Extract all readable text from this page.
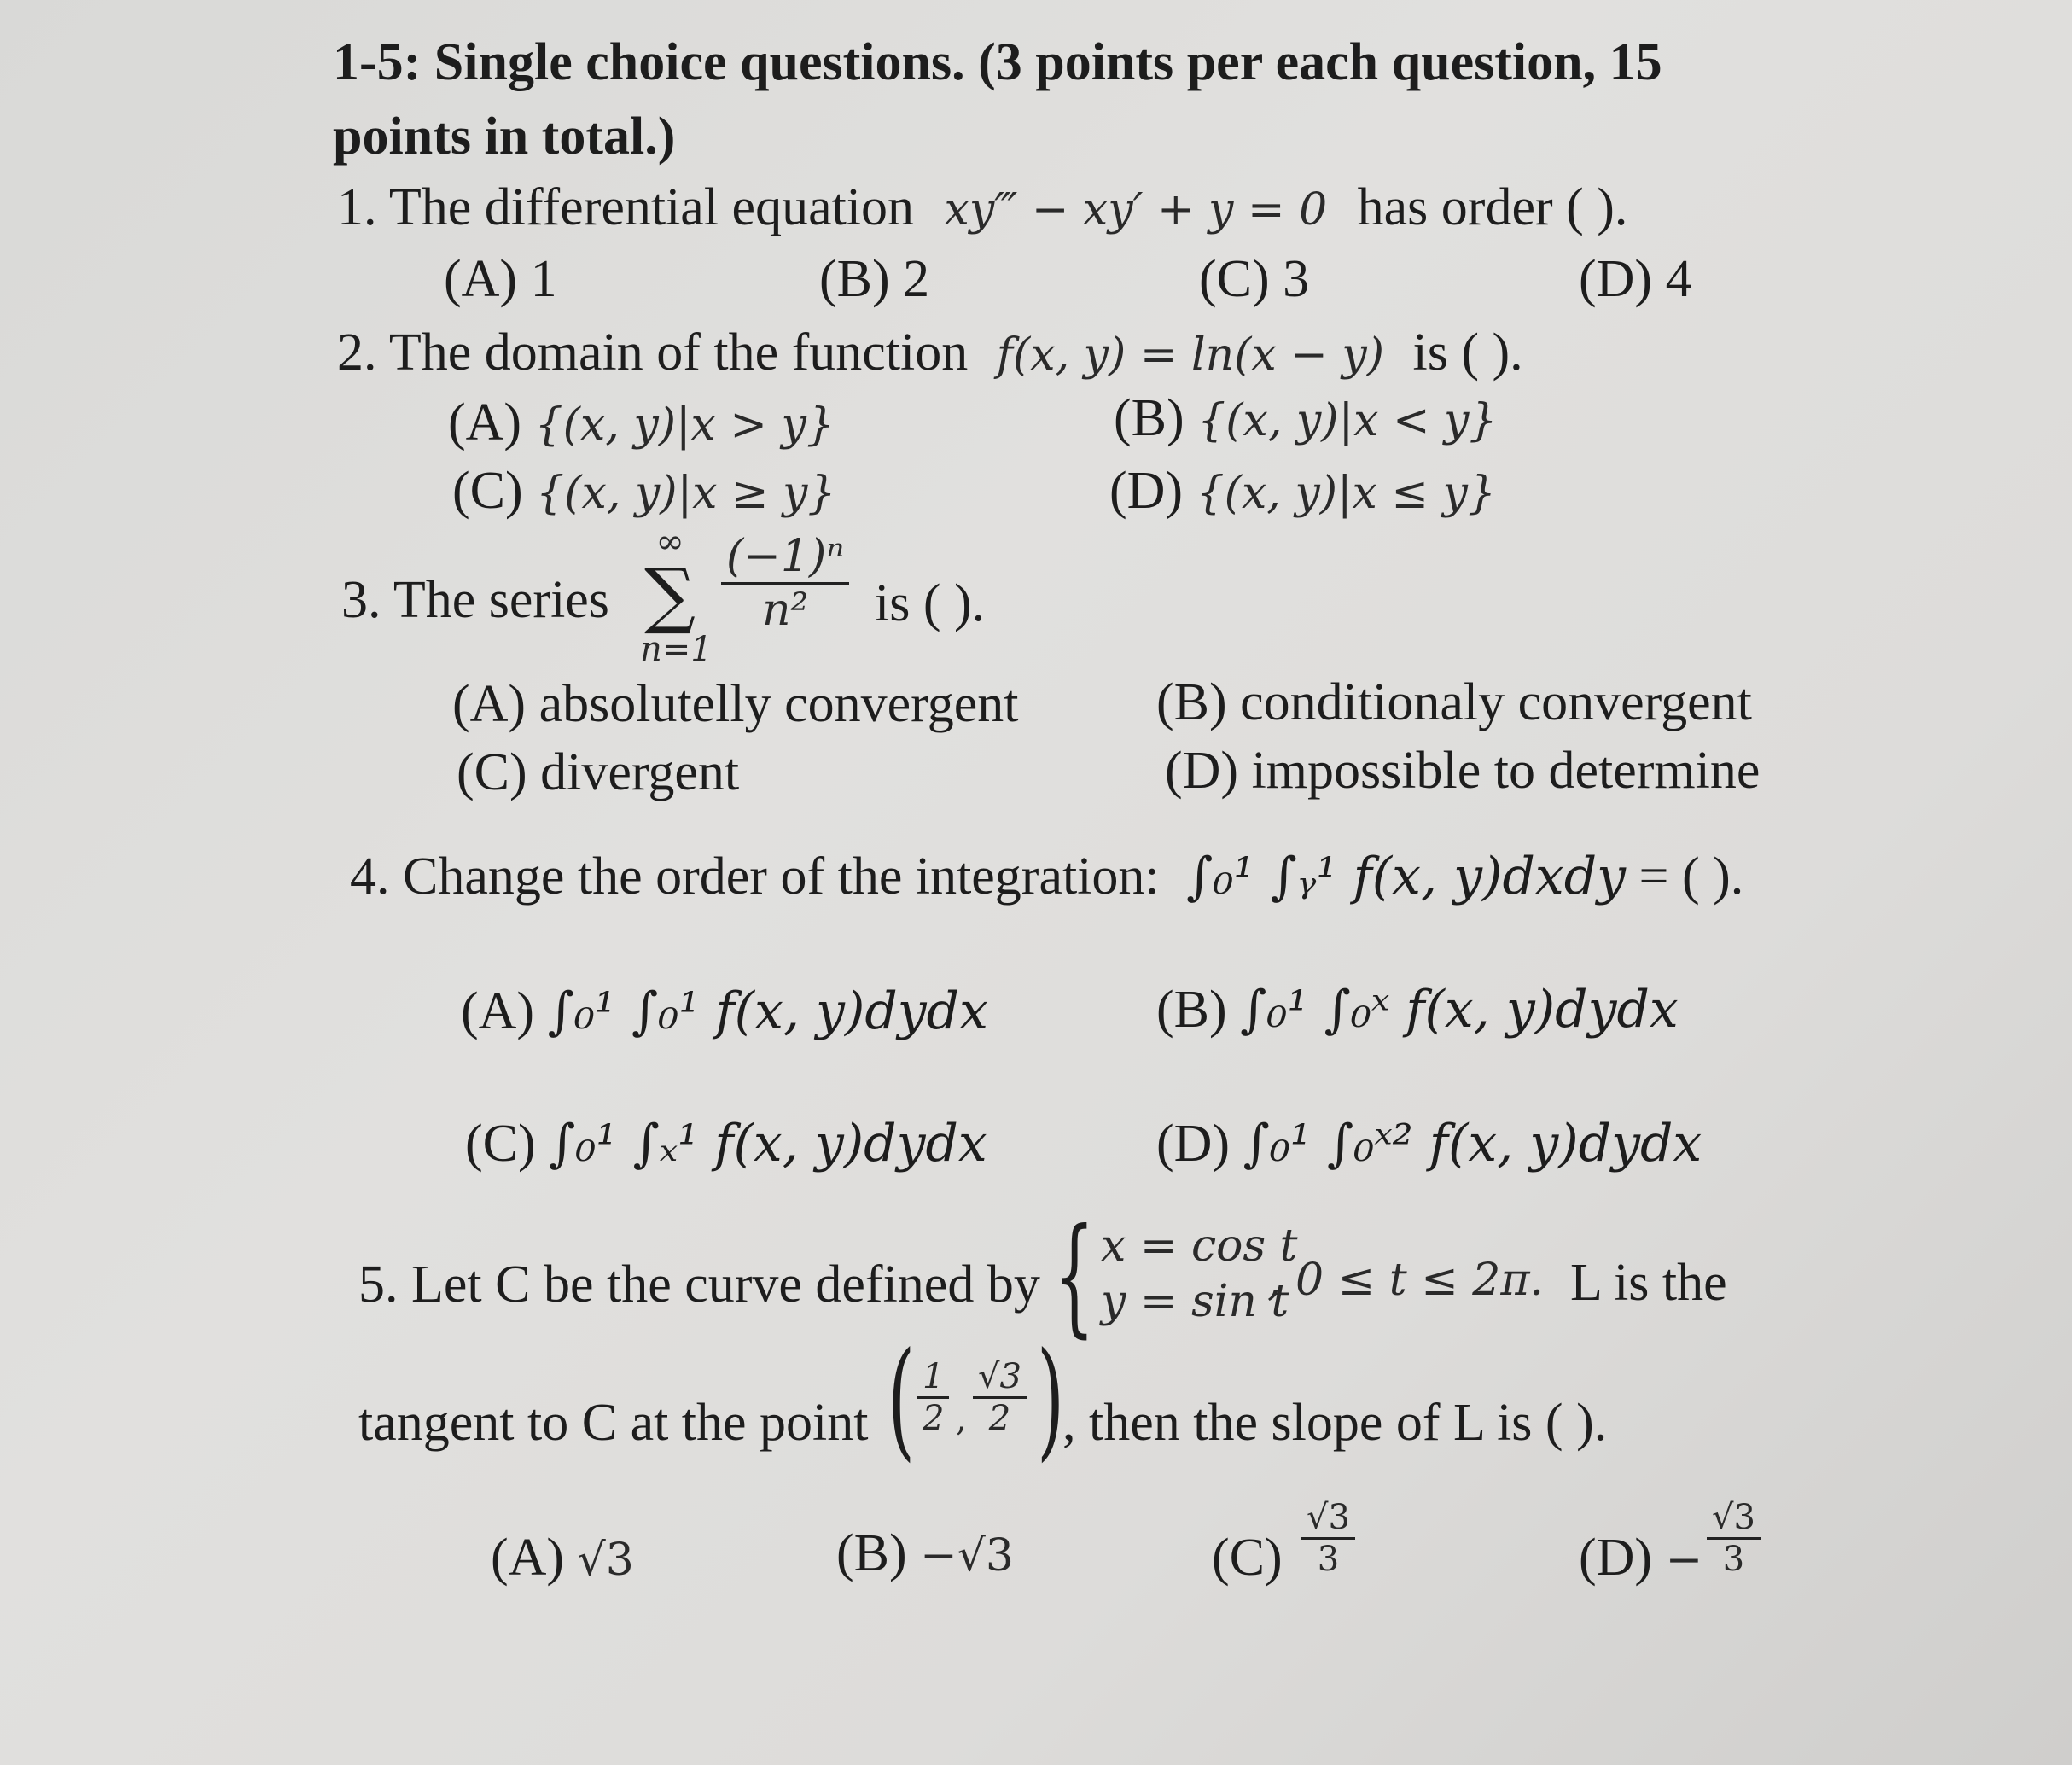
1-5: Single choice questions. (3 points per each question, 15
points in total.)
1. The differential equation xy‴ − xy′ + y = 0 has order ( ).
(A) 1	(B) 2	(C) 3	(D) 4
2. The domain of the function f(x, y) = ln(x − y) is ( ).
(A) {(x, y)|x > y}	(B) {(x, y)|x < y}
(C) {(x, y)|x ≥ y}	(D) {(x, y)|x ≤ y}
3. The series
∞
∑
n=1
$\frac{\text{(−1)ⁿ}}{\text{n²}}$ is ( ).
(A) absolutelly convergent	(B) conditionaly convergent
(C) divergent	(D) impossible to determine
4. Change the order of the integration: ∫₀¹ ∫ᵧ¹ f(x, y)dxdy = ( ).
(A) ∫₀¹ ∫₀¹ f(x, y)dydx	(B) ∫₀¹ ∫₀ˣ f(x, y)dydx
(C) ∫₀¹ ∫ₓ¹ f(x, y)dydx	(D) ∫₀¹ ∫₀ˣ² f(x, y)dydx
5. Let C be the curve defined by { x = cos t
y = sin t
, 0 ≤ t ≤ 2π. L is the
tangent to C at the point ( $\frac{1}{2}$ , $\frac{√3}{2}$ )
, then the slope of L is ( ).
(A) √3	(B) −√3	$(C) \frac{√3}{3}$	$(D) - \frac{√3}{3}$
